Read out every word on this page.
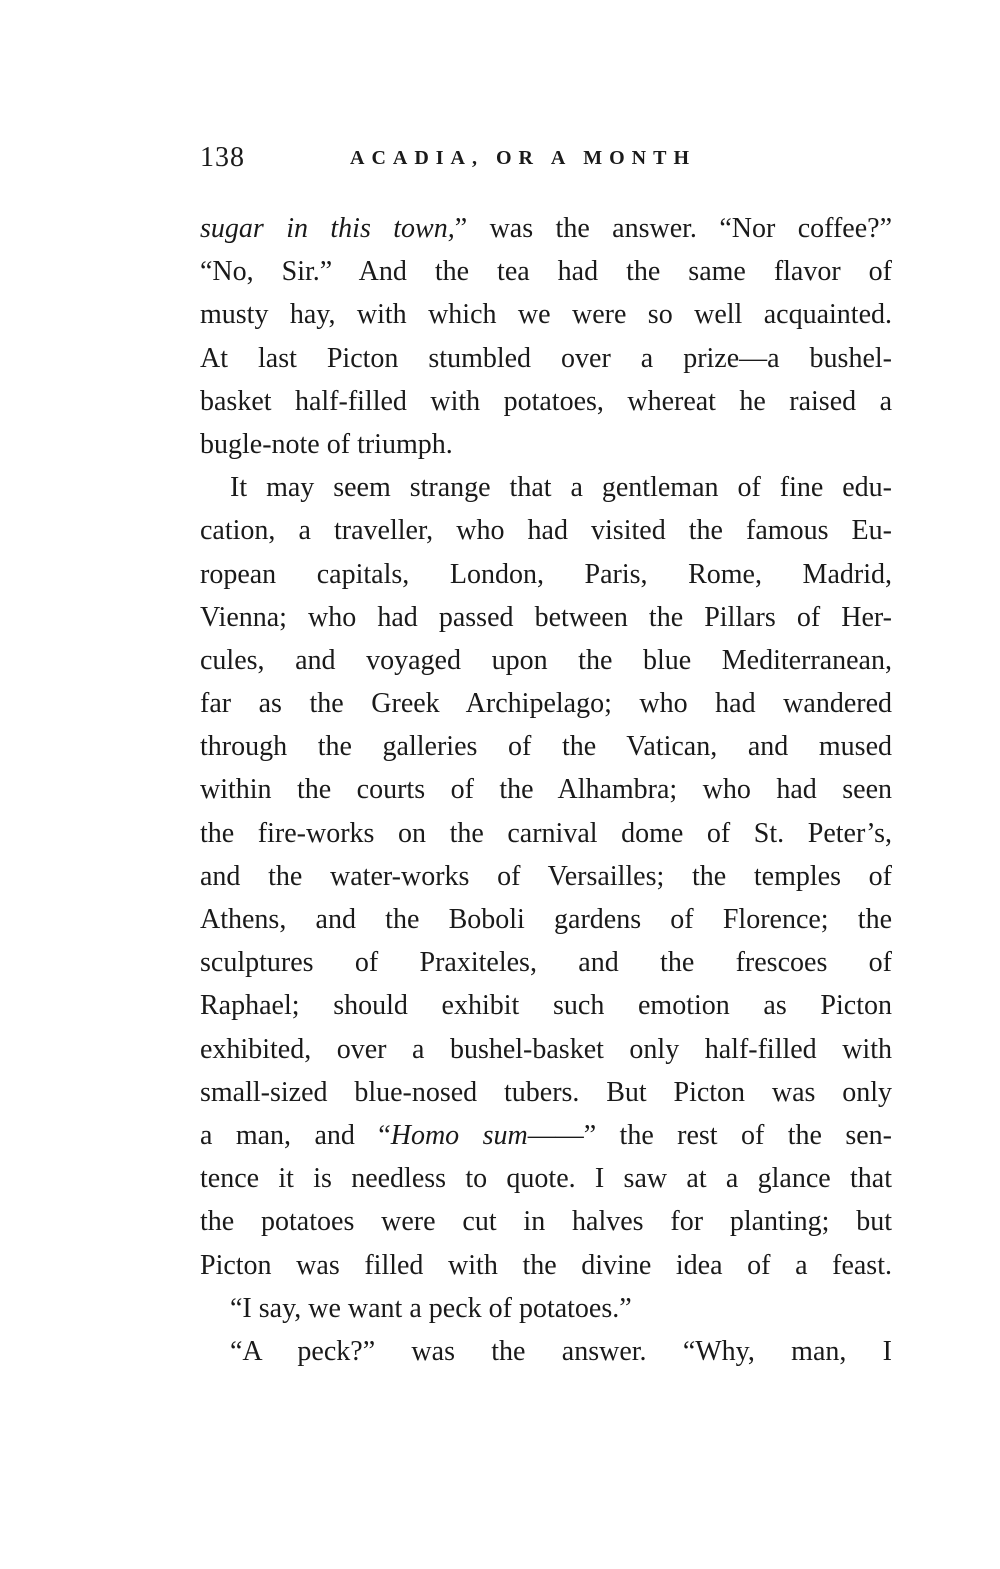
138	ACADIA, OR A MONTH
sugar in this town,” was the answer. “Nor coffee?”
“No, Sir.” And the tea had the same flavor of
musty hay, with which we were so well acquainted.
At last Picton stumbled over a prize—a bushel-
basket half-filled with potatoes, whereat he raised a
bugle-note of triumph.
It may seem strange that a gentleman of fine edu-
cation, a traveller, who had visited the famous Eu-
ropean capitals, London, Paris, Rome, Madrid,
Vienna; who had passed between the Pillars of Her-
cules, and voyaged upon the blue Mediterranean,
far as the Greek Archipelago; who had wandered
through the galleries of the Vatican, and mused
within the courts of the Alhambra; who had seen
the fire-works on the carnival dome of St. Peter’s,
and the water-works of Versailles; the temples of
Athens, and the Boboli gardens of Florence; the
sculptures of Praxiteles, and the frescoes of
Raphael; should exhibit such emotion as Picton
exhibited, over a bushel-basket only half-filled with
small-sized blue-nosed tubers. But Picton was only
a man, and “Homo sum——” the rest of the sen-
tence it is needless to quote. I saw at a glance that
the potatoes were cut in halves for planting; but
Picton was filled with the divine idea of a feast.
“I say, we want a peck of potatoes.”
“A peck?” was the answer. “Why, man, I
